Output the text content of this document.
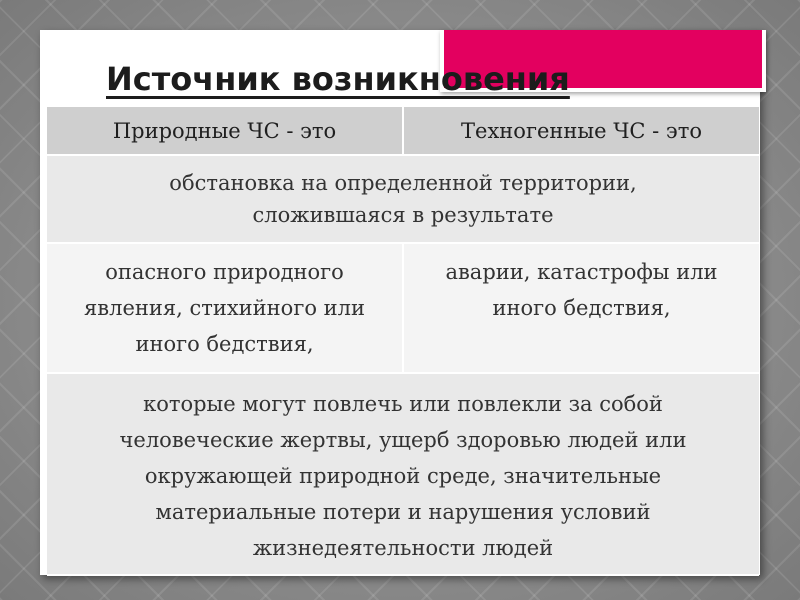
Источник возникновения
Природные ЧС - это	Техногенные ЧС - это

обстановка на определенной территории, сложившаяся в результате	

опасного природного явления, стихийного или иного бедствия,	аварии, катастрофы или иного бедствия,

которые могут повлечь или повлекли за собой человеческие жертвы, ущерб здоровью людей или окружающей природной среде, значительные материальные потери и нарушения условий жизнедеятельности людей	
